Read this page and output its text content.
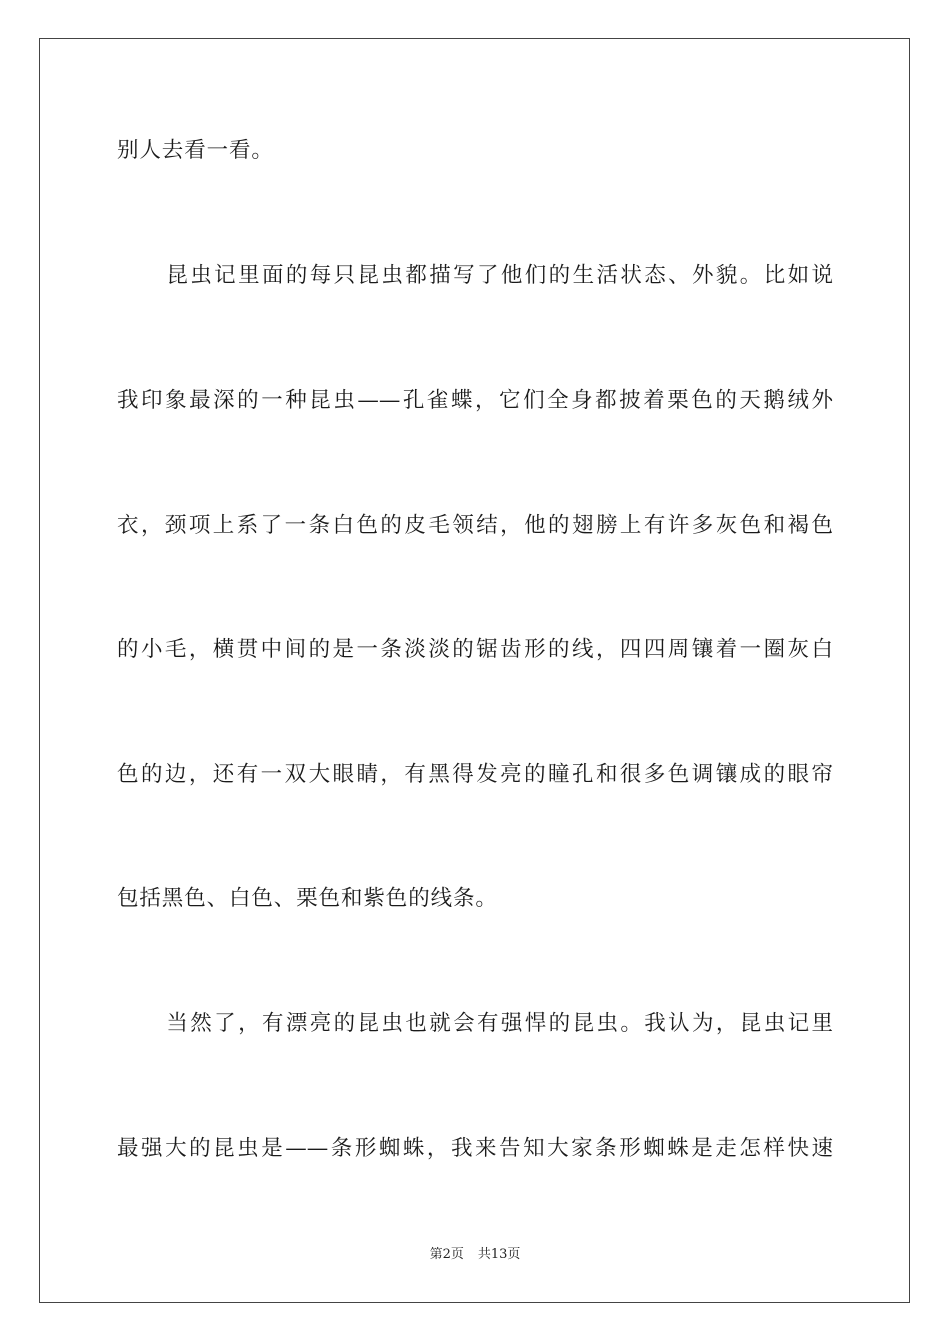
别人去看一看。
昆虫记里面的每只昆虫都描写了他们的生活状态、外貌。比如说
我印象最深的一种昆虫——孔雀蝶，它们全身都披着栗色的天鹅绒外
衣，颈项上系了一条白色的皮毛领结，他的翅膀上有许多灰色和褐色
的小毛，横贯中间的是一条淡淡的锯齿形的线，四四周镶着一圈灰白
色的边，还有一双大眼睛，有黑得发亮的瞳孔和很多色调镶成的眼帘
包括黑色、白色、栗色和紫色的线条。
当然了，有漂亮的昆虫也就会有强悍的昆虫。我认为，昆虫记里
最强大的昆虫是——条形蜘蛛，我来告知大家条形蜘蛛是走怎样快速
第2页 共13页
